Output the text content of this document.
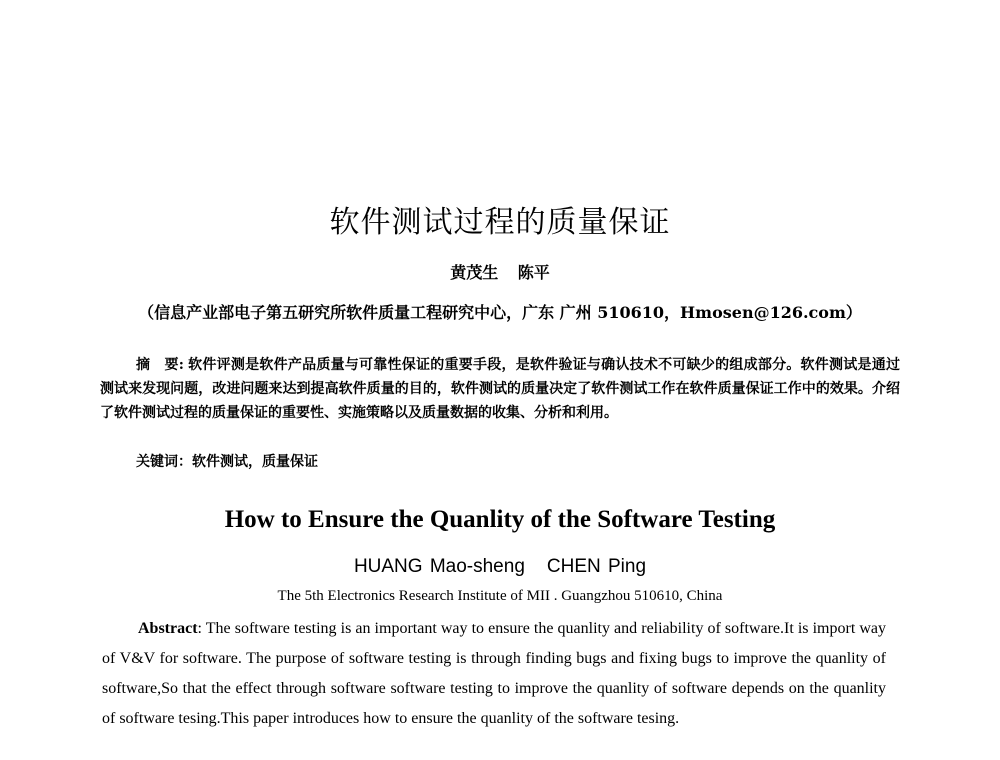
软件测试过程的质量保证
黄茂生 陈平
（信息产业部电子第五研究所软件质量工程研究中心，广东 广州 510610，Hmosen@126.com）

摘　要: 软件评测是软件产品质量与可靠性保证的重要手段，是软件验证与确认技术不可缺少的组成部分。软件测试是通过测试来发现问题，改进问题来达到提高软件质量的目的，软件测试的质量决定了软件测试工作在软件质量保证工作中的效果。介绍了软件测试过程的质量保证的重要性、实施策略以及质量数据的收集、分析和利用。

关键词：软件测试，质量保证
How to Ensure the Quanlity of the Software Testing
HUANG Mao-sheng CHEN Ping
The 5th Electronics Research Institute of MII . Guangzhou 510610, China

Abstract: The software testing is an important way to ensure the quanlity and reliability of software.It is import way of V&V for software. The purpose of software testing is through finding bugs and fixing bugs to improve the quanlity of software,So that the effect through software software testing to improve the quanlity of software depends on the quanlity of software tesing.This paper introduces how to ensure the quanlity of the software tesing.
